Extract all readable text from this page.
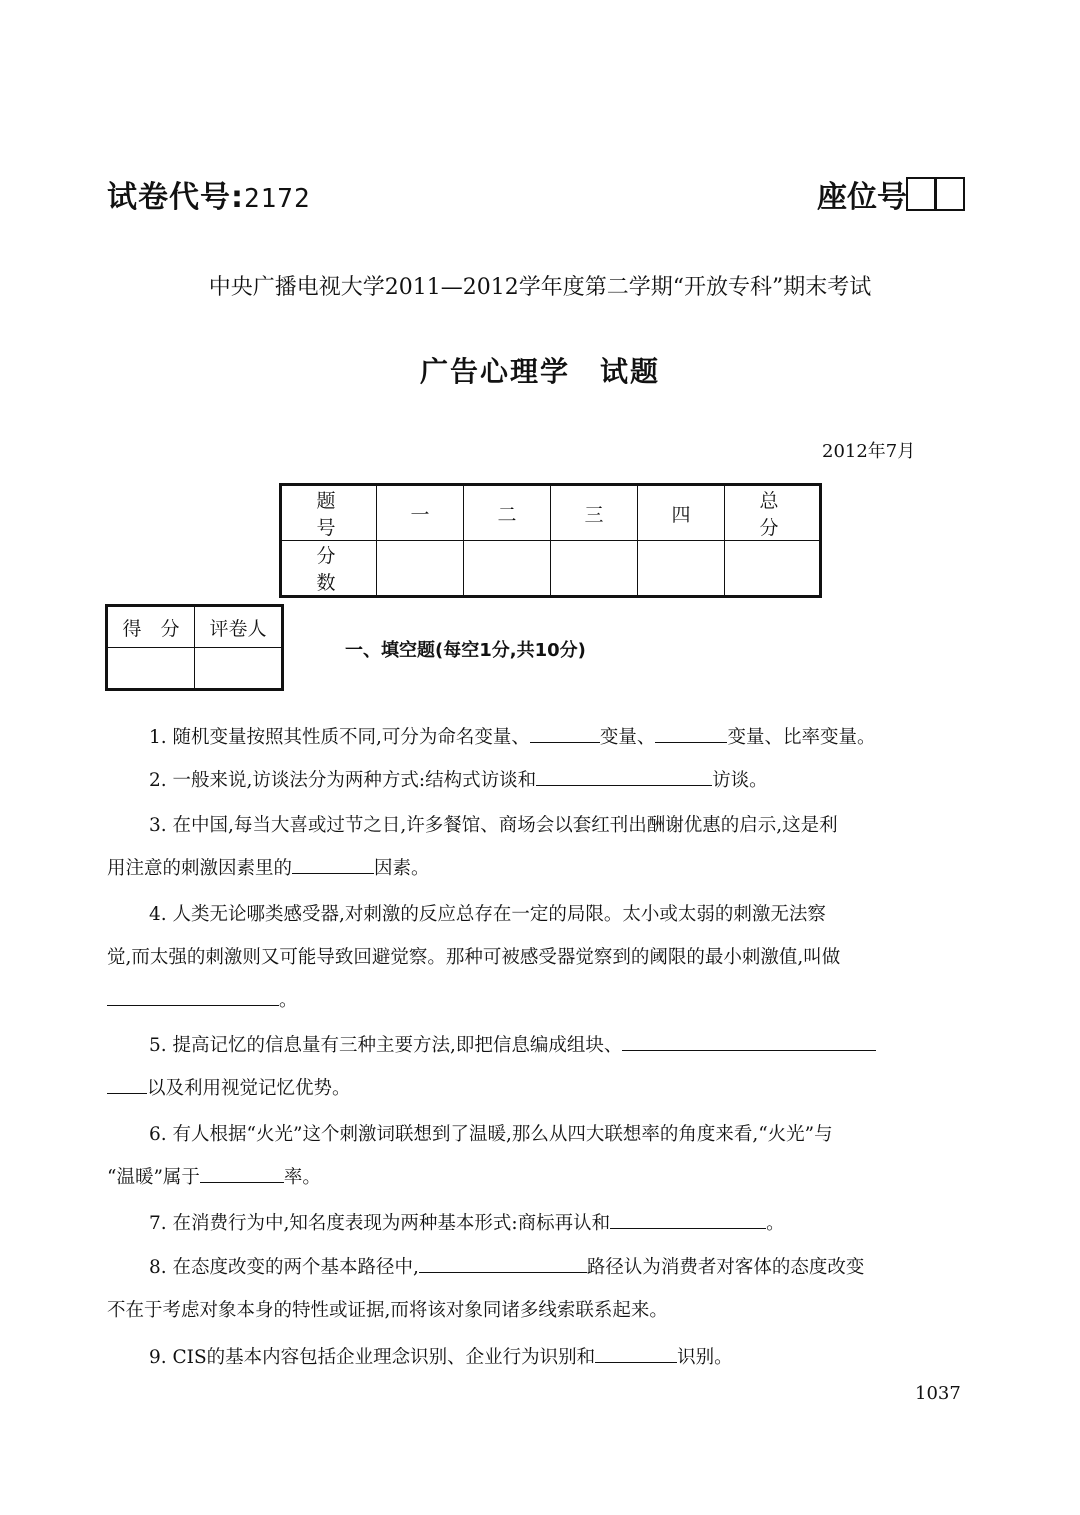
试卷代号:2172	座位号
中央广播电视大学2011—2012学年度第二学期“开放专科”期末考试
广告心理学　试题
2012年7月
题　号	一	二	三	四	总　分
分　数					
得　分	评卷人

一、填空题(每空1分,共10分)

1. 随机变量按照其性质不同,可分为命名变量、	变量、	变量、比率变量。

2. 一般来说,访谈法分为两种方式:结构式访谈和	访谈。

3. 在中国,每当大喜或过节之日,许多餐馆、商场会以套红刊出酬谢优惠的启示,这是利

用注意的刺激因素里的	因素。

4. 人类无论哪类感受器,对刺激的反应总存在一定的局限。太小或太弱的刺激无法察

觉,而太强的刺激则又可能导致回避觉察。那种可被感受器觉察到的阈限的最小刺激值,叫做

。

5. 提高记忆的信息量有三种主要方法,即把信息编成组块、

以及利用视觉记忆优势。

6. 有人根据“火光”这个刺激词联想到了温暖,那么从四大联想率的角度来看,“火光”与

“温暖”属于	率。

7. 在消费行为中,知名度表现为两种基本形式:商标再认和	。

8. 在态度改变的两个基本路径中,	路径认为消费者对客体的态度改变

不在于考虑对象本身的特性或证据,而将该对象同诸多线索联系起来。

9. CIS的基本内容包括企业理念识别、企业行为识别和	识别。

1037
